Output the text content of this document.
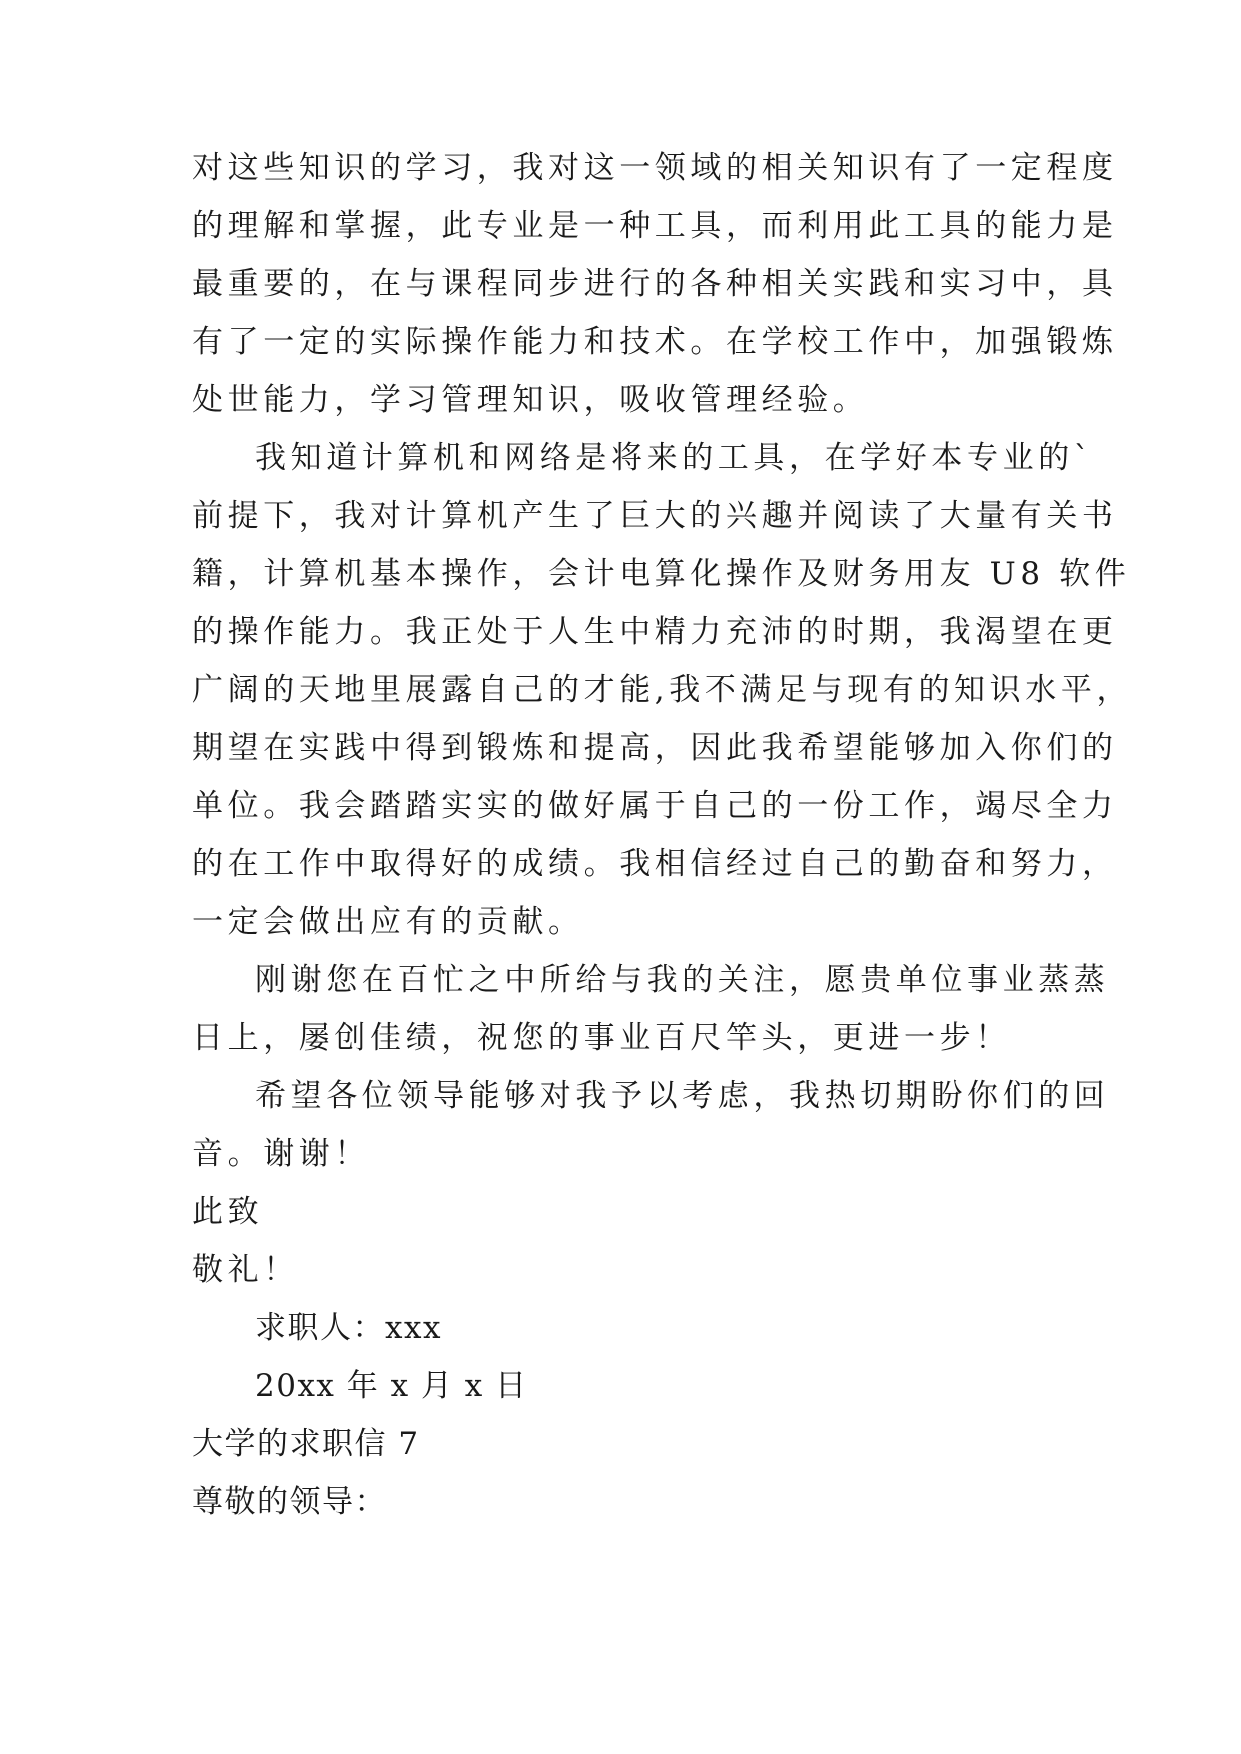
对这些知识的学习，我对这一领域的相关知识有了一定程度
的理解和掌握，此专业是一种工具，而利用此工具的能力是
最重要的，在与课程同步进行的各种相关实践和实习中，具
有了一定的实际操作能力和技术。在学校工作中，加强锻炼
处世能力，学习管理知识，吸收管理经验。
我知道计算机和网络是将来的工具，在学好本专业的`
前提下，我对计算机产生了巨大的兴趣并阅读了大量有关书
籍，计算机基本操作，会计电算化操作及财务用友 U8 软件
的操作能力。我正处于人生中精力充沛的时期，我渴望在更
广阔的天地里展露自己的才能,我不满足与现有的知识水平，
期望在实践中得到锻炼和提高，因此我希望能够加入你们的
单位。我会踏踏实实的做好属于自己的一份工作，竭尽全力
的在工作中取得好的成绩。我相信经过自己的勤奋和努力，
一定会做出应有的贡献。
刚谢您在百忙之中所给与我的关注，愿贵单位事业蒸蒸
日上，屡创佳绩，祝您的事业百尺竿头，更进一步！
希望各位领导能够对我予以考虑，我热切期盼你们的回
音。谢谢！
此致
敬礼！
求职人：xxx
20xx 年 x 月 x 日
大学的求职信 7
尊敬的领导：
